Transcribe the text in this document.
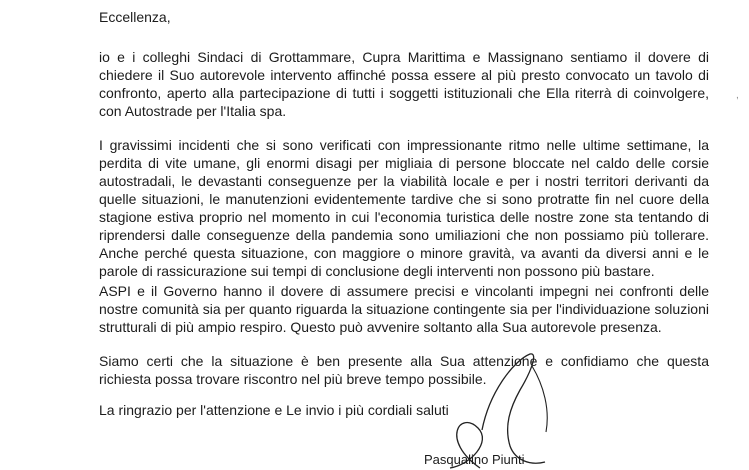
Eccellenza,

io e i colleghi Sindaci di Grottammare, Cupra Marittima e Massignano sentiamo il dovere di chiedere il Suo autorevole intervento affinché possa essere al più presto convocato un tavolo di confronto, aperto alla partecipazione di tutti i soggetti istituzionali che Ella riterrà di coinvolgere, con Autostrade per l'Italia spa.

I gravissimi incidenti che si sono verificati con impressionante ritmo nelle ultime settimane, la perdita di vite umane, gli enormi disagi per migliaia di persone bloccate nel caldo delle corsie autostradali, le devastanti conseguenze per la viabilità locale e per i nostri territori derivanti da quelle situazioni, le manutenzioni evidentemente tardive che si sono protratte fin nel cuore della stagione estiva proprio nel momento in cui l'economia turistica delle nostre zone sta tentando di riprendersi dalle conseguenze della pandemia sono umiliazioni che non possiamo più tollerare. Anche perché questa situazione, con maggiore o minore gravità, va avanti da diversi anni e le parole di rassicurazione sui tempi di conclusione degli interventi non possono più bastare.

ASPI e il Governo hanno il dovere di assumere precisi e vincolanti impegni nei confronti delle nostre comunità sia per quanto riguarda la situazione contingente sia per l'individuazione soluzioni strutturali di più ampio respiro. Questo può avvenire soltanto alla Sua autorevole presenza.

Siamo certi che la situazione è ben presente alla Sua attenzione e confidiamo che questa richiesta possa trovare riscontro nel più breve tempo possibile.

La ringrazio per l'attenzione e Le invio i più cordiali saluti

Pasqualino Piunti

,
